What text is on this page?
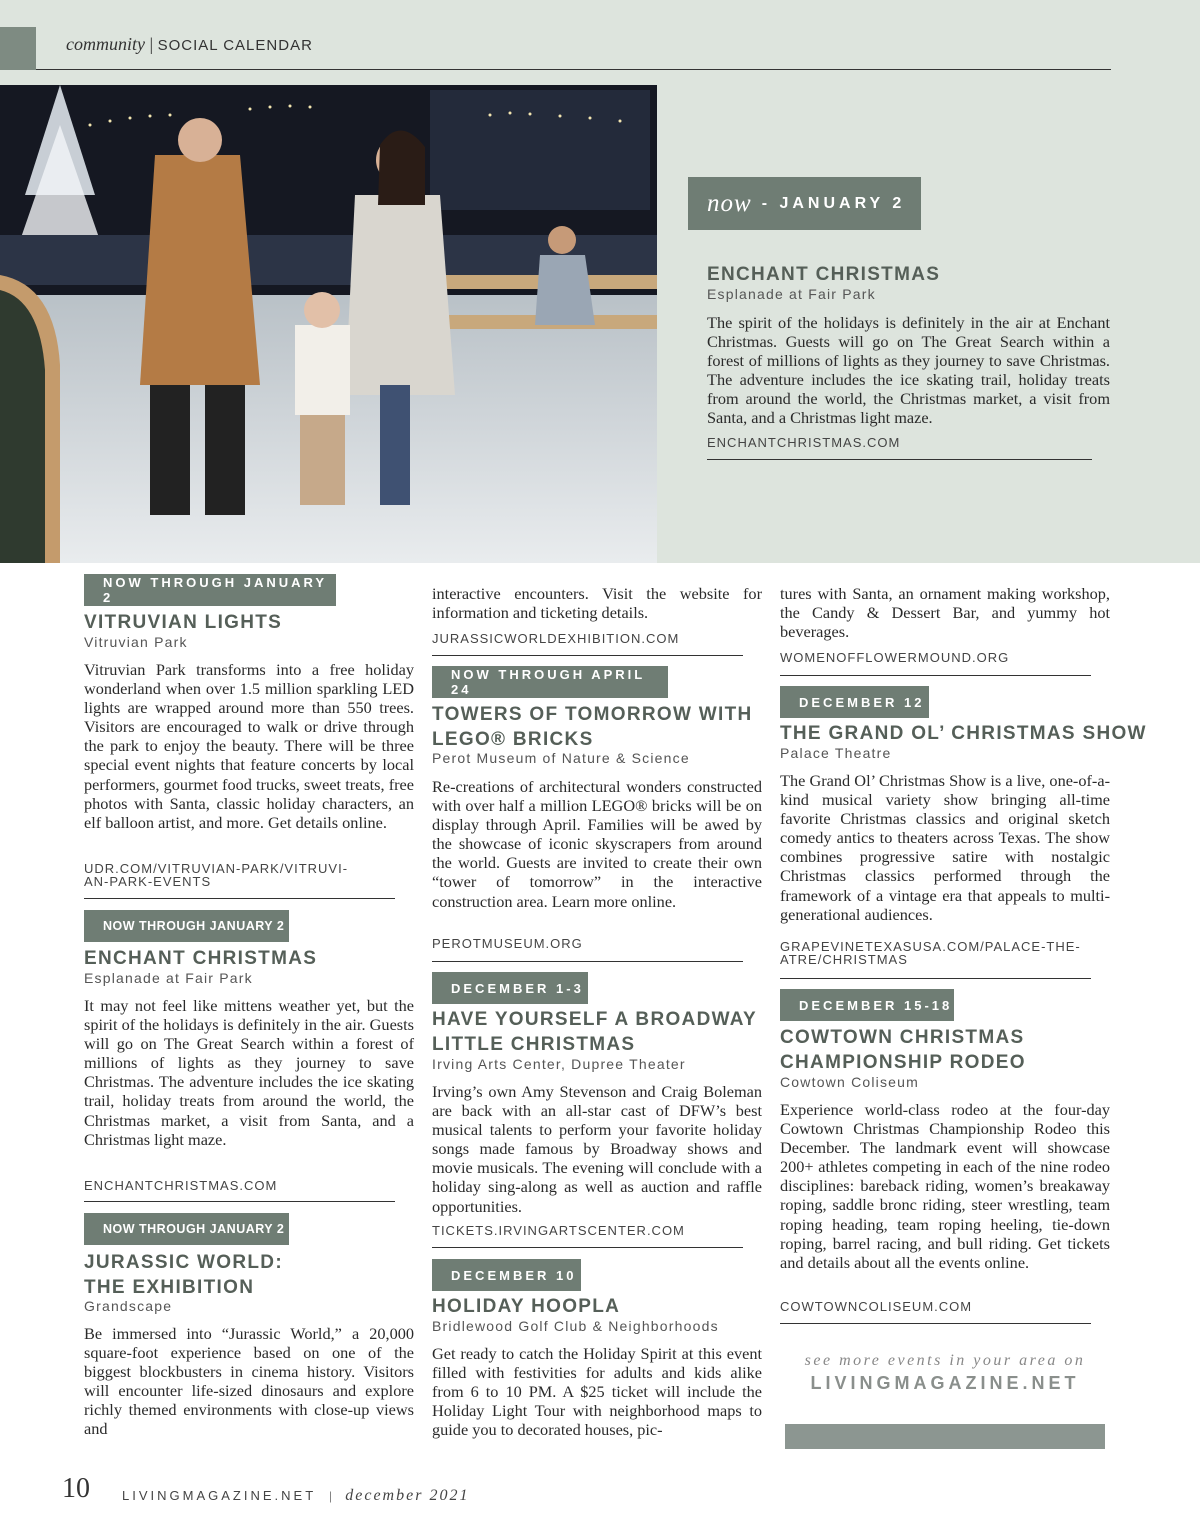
community | SOCIAL CALENDAR
now - JANUARY 2
ENCHANT CHRISTMAS
Esplanade at Fair Park
The spirit of the holidays is definitely in the air at Enchant Christmas. Guests will go on The Great Search within a forest of millions of lights as they journey to save Christmas. The adventure includes the ice skating trail, holiday treats from around the world, the Christmas market, a visit from Santa, and a Christmas light maze.
ENCHANTCHRISTMAS.COM
NOW THROUGH JANUARY 2
VITRUVIAN LIGHTS
Vitruvian Park
Vitruvian Park transforms into a free holiday wonderland when over 1.5 million sparkling LED lights are wrapped around more than 550 trees. Visitors are encouraged to walk or drive through the park to enjoy the beauty. There will be three special event nights that feature concerts by local performers, gourmet food trucks, sweet treats, free photos with Santa, classic holiday characters, an elf balloon artist, and more. Get details online.
UDR.COM/VITRUVIAN-PARK/VITRUVI-
AN-PARK-EVENTS
NOW THROUGH JANUARY 2
ENCHANT CHRISTMAS
Esplanade at Fair Park
It may not feel like mittens weather yet, but the spirit of the holidays is definitely in the air. Guests will go on The Great Search within a forest of millions of lights as they journey to save Christmas. The adventure includes the ice skating trail, holiday treats from around the world, the Christmas market, a visit from Santa, and a Christmas light maze.
ENCHANTCHRISTMAS.COM
NOW THROUGH JANUARY 2
JURASSIC WORLD:
THE EXHIBITION
Grandscape
Be immersed into “Jurassic World,” a 20,000 square-foot experience based on one of the biggest blockbusters in cinema history. Visitors will encounter life-sized dinosaurs and explore richly themed environments with close-up views and
interactive encounters. Visit the website for information and ticketing details.
JURASSICWORLDEXHIBITION.COM
NOW THROUGH APRIL 24
TOWERS OF TOMORROW WITH
LEGO® BRICKS
Perot Museum of Nature & Science
Re-creations of architectural wonders constructed with over half a million LEGO® bricks will be on display through April. Families will be awed by the showcase of iconic skyscrapers from around the world. Guests are invited to create their own “tower of tomorrow” in the interactive construction area. Learn more online.
PEROTMUSEUM.ORG
DECEMBER 1-3
HAVE YOURSELF A BROADWAY
LITTLE CHRISTMAS
Irving Arts Center, Dupree Theater
Irving’s own Amy Stevenson and Craig Boleman are back with an all-star cast of DFW’s best musical talents to perform your favorite holiday songs made famous by Broadway shows and movie musicals. The evening will conclude with a holiday sing-along as well as auction and raffle opportunities.
TICKETS.IRVINGARTSCENTER.COM
DECEMBER 10
HOLIDAY HOOPLA
Bridlewood Golf Club & Neighborhoods
Get ready to catch the Holiday Spirit at this event filled with festivities for adults and kids alike from 6 to 10 PM. A $25 ticket will include the Holiday Light Tour with neighborhood maps to guide you to decorated houses, pic-
tures with Santa, an ornament making workshop, the Candy & Dessert Bar, and yummy hot beverages.
WOMENOFFLOWERMOUND.ORG
DECEMBER 12
THE GRAND OL’ CHRISTMAS SHOW
Palace Theatre
The Grand Ol’ Christmas Show is a live, one-of-a-kind musical variety show bringing all-time favorite Christmas classics and original sketch comedy antics to theaters across Texas. The show combines progressive satire with nostalgic Christmas classics performed through the framework of a vintage era that appeals to multi-generational audiences.
GRAPEVINETEXASUSA.COM/PALACE-THE-
ATRE/CHRISTMAS
DECEMBER 15-18
COWTOWN CHRISTMAS
CHAMPIONSHIP RODEO
Cowtown Coliseum
Experience world-class rodeo at the four-day Cowtown Christmas Championship Rodeo this December. The landmark event will showcase 200+ athletes competing in each of the nine rodeo disciplines: bareback riding, women’s breakaway roping, saddle bronc riding, steer wrestling, team roping heading, team roping heeling, tie-down roping, barrel racing, and bull riding. Get tickets and details about all the events online.
COWTOWNCOLISEUM.COM
see more events in your area on
LIVINGMAGAZINE.NET
10 LIVINGMAGAZINE.NET | december 2021
